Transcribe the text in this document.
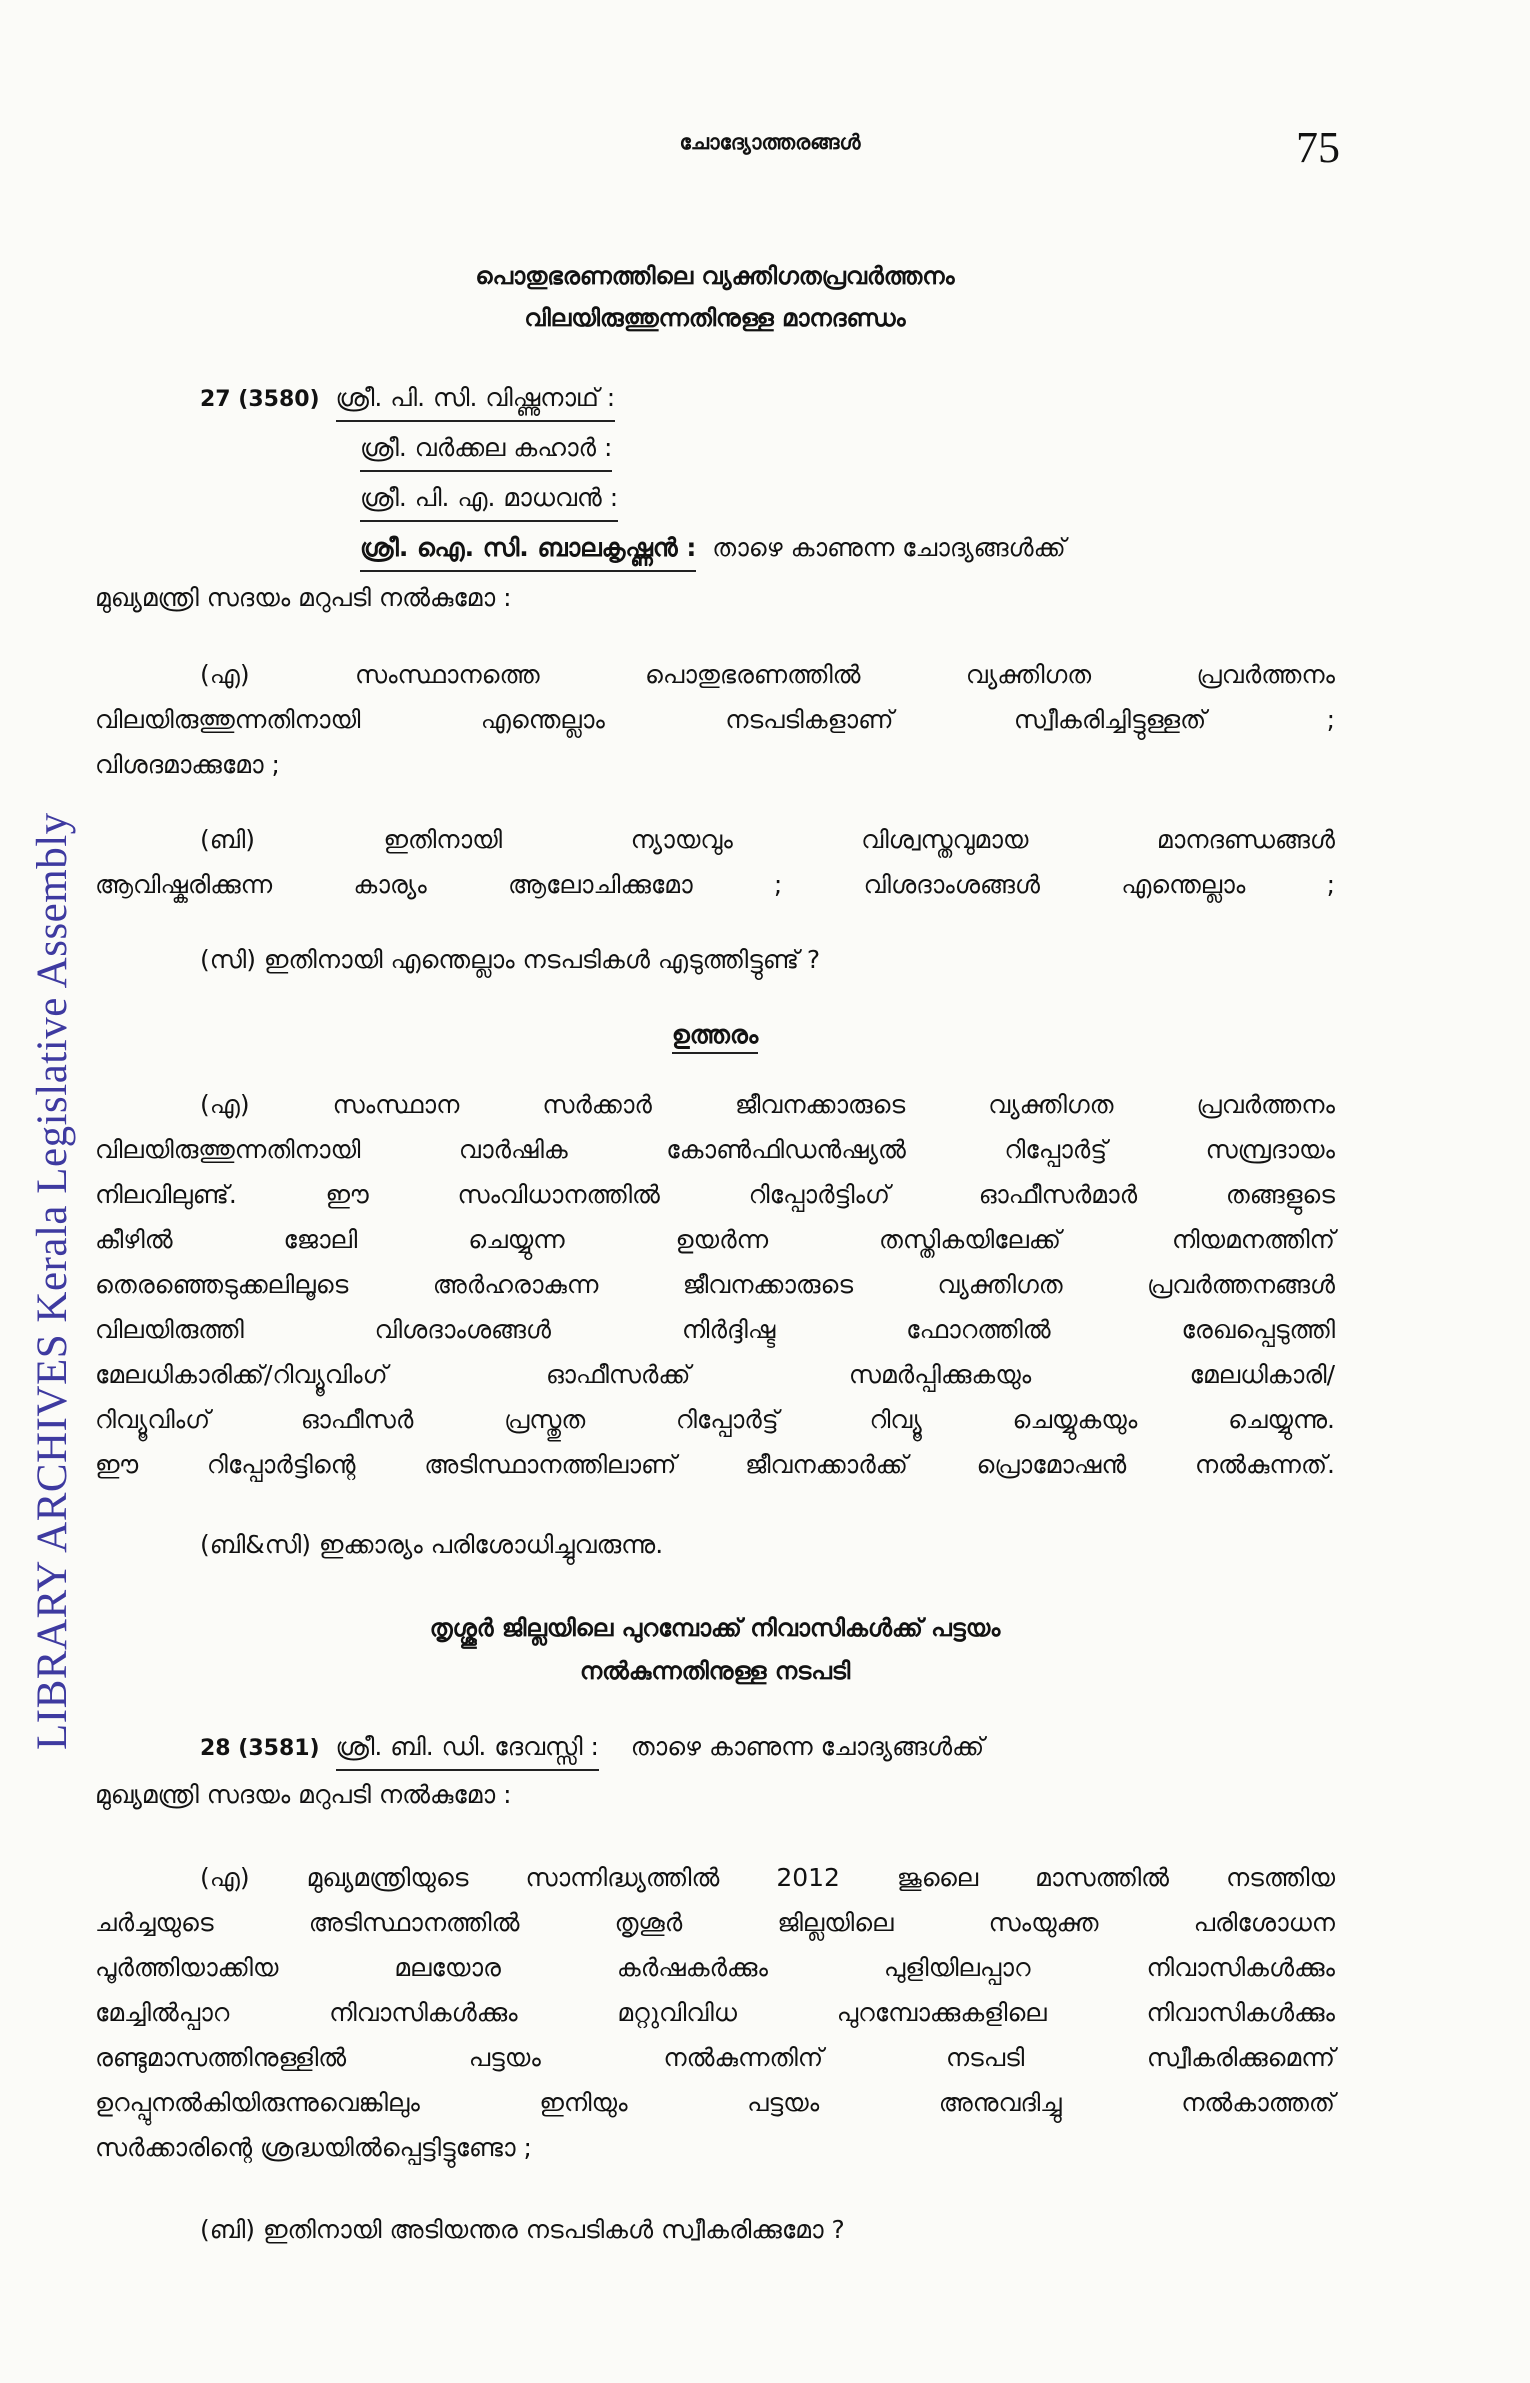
LIBRARY ARCHIVES Kerala Legislative Assembly
ചോദ്യോത്തരങ്ങൾ	75
പൊതുഭരണത്തിലെ വ്യക്തിഗതപ്രവർത്തനം
വിലയിരുത്തുന്നതിനുള്ള മാനദണ്ഡം
27 (3580) ശ്രീ. പി. സി. വിഷ്ണുനാഥ് :
ശ്രീ. വർക്കല കഹാർ :
ശ്രീ. പി. എ. മാധവൻ :
ശ്രീ. ഐ. സി. ബാലകൃഷ്ണൻ : താഴെ കാണുന്ന ചോദ്യങ്ങൾക്ക്
മുഖ്യമന്ത്രി സദയം മറുപടി നൽകുമോ :
(എ) സംസ്ഥാനത്തെ പൊതുഭരണത്തിൽ വ്യക്തിഗത പ്രവർത്തനം
വിലയിരുത്തുന്നതിനായി എന്തെല്ലാം നടപടികളാണ് സ്വീകരിച്ചിട്ടുള്ളത് ;
വിശദമാക്കുമോ ;
(ബി) ഇതിനായി ന്യായവും വിശ്വസ്തവുമായ മാനദണ്ഡങ്ങൾ
ആവിഷ്കരിക്കുന്ന കാര്യം ആലോചിക്കുമോ ; വിശദാംശങ്ങൾ എന്തെല്ലാം ;
(സി) ഇതിനായി എന്തെല്ലാം നടപടികൾ എടുത്തിട്ടുണ്ട് ?
ഉത്തരം
(എ) സംസ്ഥാന സർക്കാർ ജീവനക്കാരുടെ വ്യക്തിഗത പ്രവർത്തനം
വിലയിരുത്തുന്നതിനായി വാർഷിക കോൺഫിഡൻഷ്യൽ റിപ്പോർട്ട് സമ്പ്രദായം
നിലവിലുണ്ട്. ഈ സംവിധാനത്തിൽ റിപ്പോർട്ടിംഗ് ഓഫീസർമാർ തങ്ങളുടെ
കീഴിൽ ജോലി ചെയ്യുന്ന ഉയർന്ന തസ്തികയിലേക്ക് നിയമനത്തിന്
തെരഞ്ഞെടുക്കലിലൂടെ അർഹരാകുന്ന ജീവനക്കാരുടെ വ്യക്തിഗത പ്രവർത്തനങ്ങൾ
വിലയിരുത്തി വിശദാംശങ്ങൾ നിർദ്ദിഷ്ട ഫോറത്തിൽ രേഖപ്പെടുത്തി
മേലധികാരിക്ക്/റിവ്യൂവിംഗ് ഓഫീസർക്ക് സമർപ്പിക്കുകയും മേലധികാരി/
റിവ്യൂവിംഗ് ഓഫീസർ പ്രസ്തുത റിപ്പോർട്ട് റിവ്യൂ ചെയ്യുകയും ചെയ്യുന്നു.
ഈ റിപ്പോർട്ടിന്റെ അടിസ്ഥാനത്തിലാണ് ജീവനക്കാർക്ക് പ്രൊമോഷൻ നൽകുന്നത്.
(ബി&സി) ഇക്കാര്യം പരിശോധിച്ചുവരുന്നു.
തൃശ്ശൂർ ജില്ലയിലെ പുറമ്പോക്ക് നിവാസികൾക്ക് പട്ടയം
നൽകുന്നതിനുള്ള നടപടി
28 (3581) ശ്രീ. ബി. ഡി. ദേവസ്സി : താഴെ കാണുന്ന ചോദ്യങ്ങൾക്ക്
മുഖ്യമന്ത്രി സദയം മറുപടി നൽകുമോ :
(എ) മുഖ്യമന്ത്രിയുടെ സാന്നിദ്ധ്യത്തിൽ 2012 ജൂലൈ മാസത്തിൽ നടത്തിയ
ചർച്ചയുടെ അടിസ്ഥാനത്തിൽ തൃശൂർ ജില്ലയിലെ സംയുക്ത പരിശോധന
പൂർത്തിയാക്കിയ മലയോര കർഷകർക്കും പുളിയിലപ്പാറ നിവാസികൾക്കും
മേച്ചിൽപ്പാറ നിവാസികൾക്കും മറ്റുവിവിധ പുറമ്പോക്കുകളിലെ നിവാസികൾക്കും
രണ്ടുമാസത്തിനുള്ളിൽ പട്ടയം നൽകുന്നതിന് നടപടി സ്വീകരിക്കുമെന്ന്
ഉറപ്പുനൽകിയിരുന്നുവെങ്കിലും ഇനിയും പട്ടയം അനുവദിച്ചു നൽകാത്തത്
സർക്കാരിന്റെ ശ്രദ്ധയിൽപ്പെട്ടിട്ടുണ്ടോ ;
(ബി) ഇതിനായി അടിയന്തര നടപടികൾ സ്വീകരിക്കുമോ ?
